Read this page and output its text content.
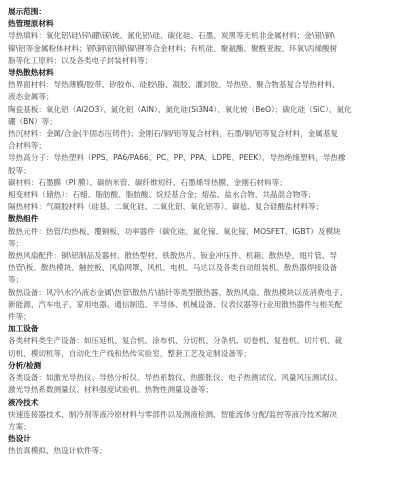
展示范围：
热管理原材料
导热填料：氧化铝\硅\锌\硼\镁\铍、氮化铝\硅、碳化硅、石墨、炭黑等无机非金属材料；金\银\铜\
镍\铝等金属粉体材料；钢\铜\铝\锡\镍\锂等合金材料；有机硅、聚氨酯、聚酰亚胺、环氧\丙烯酸树
脂等化工原料；以及各类电子封装材料等；
导热散热材料
热界面材料：导热薄膜/胶带、矽胶布、硅胶\脂、凝胶、灌封胶、导热垫、聚合物基复合导热材料、
液态金属等；
陶瓷基板：氧化铝（Al2O3）、氮化铝（AlN）、氮化硅(Si3N4）、氧化铍（BeO）；碳化硅（SiC）、氮化
硼（BN）等；
热沉材料：金属/合金(半固态压铸件)；金刚石/铜/铝等复合材料，石墨/铜/铝等复合材料，金属基复
合材料等；
导热高分子：导热塑料（PPS、PA6/PA66、PC、PP、PPA、LDPE、PEEK）、导热绝缘塑料，导热橡
胶等；
碳材料：石墨膜（PI 膜）、碳纳米管、碳纤维短纤、石墨烯导热膜、金刚石材料等；
相变材料（储热）：石蜡、脂肪酸、脂肪酸、烷烃基合金；熔盐、盐水合物、共晶混合物等；
隔热材料：气凝胶材料（硅基、二氧化硅、二氧化铝、氧化铝等）、碳毡、复合硅酸盐材料等；
散热组件
散热元件：热管/均热板、覆铜板、功率器件（碳化硅、氮化镓、氧化镓、MOSFET、IGBT）及模块
等；
散热风扇配件：铜\铝制品及器材、散热型材、铁散热片、钣金冲压件、机箱、散热垫、翅片管、导
热管\板、散热模块、触控板、风扇网罩、风机、电机、马达以及各类自动组装机、散热器焊接设备
等；
散热设备：风冷\水冷\液态金属\热管\散热片\插针等类型散热器、散热风扇、散热模块以及消费电子、
新能源、汽车电子、家用电器、通信制造、半导体、机械设备、仪表仪器等行业用散热器件与相关配
件等；
加工设备
各类材料类生产设备：如压延机、复合机、涂布机、分切机、分条机、切卷机、复卷机、切片机、裁
切机、模切机等，自动化生产线和热传实验室，整套工艺及定制设备等；
分析/检测
各类设备：如激光导热仪、导热分析仪、导热系数仪、热膨胀仪、电子热测试仪、风量风压测试仪、
激光导热系数测量仪、材料强度试验机、热物性测量设备等；
液冷技术
快速连接器技术、制冷剂等液冷原材料与零部件以及测液检测、智能流体分配/监控等液冷技术解决
方案；
热设计
热仿真模拟、热设计软件等；
